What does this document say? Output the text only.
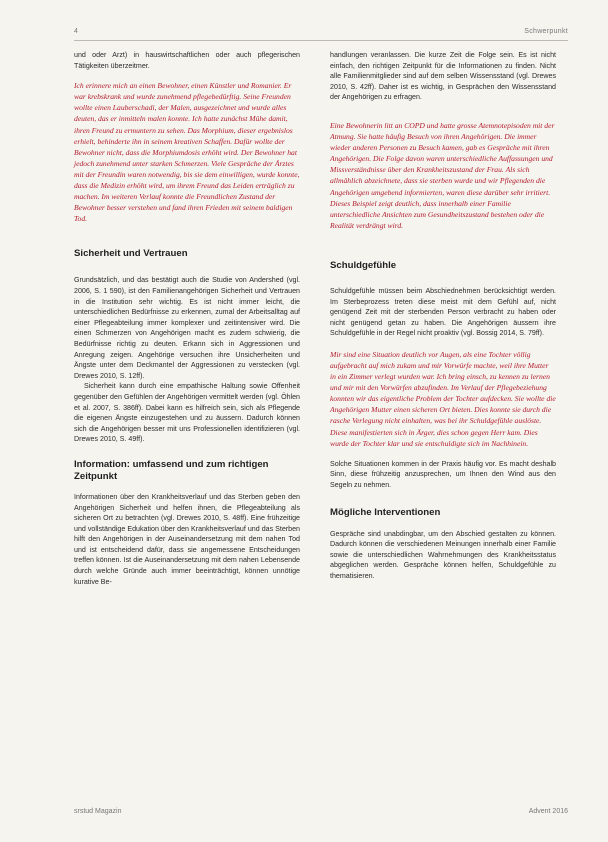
4	Schwerpunkt

und oder Arzt) in hauswirtschaftlichen oder auch pflegerischen Tätigkeiten überzeitmer.

Ich erinnere mich an einen Bewohner, einen Künstler und Romanier. Er war krebskrank und wurde zunehmend pflegebedürftig. Seine Freunden wollte einen Lauberschadi, der Malen, ausgezeichnet und wurde alles deuten, das er inmitteln malen konnte. Ich hatte zunächst Mühe damit, ihren Freund zu ermuntern zu sehen. Das Morphium, dieser ergebnislos erhielt, behinderte ihn in seinem kreativen Schaffen. Dafür wollte der Bewohner nicht, dass die Morphiumdosis erhöht wird. Der Bewohner hat jedoch zunehmend unter starken Schmerzen. Viele Gespräche der Ärztes mit der Freundin waren notwendig, bis sie dem einwilligen, wurde konnte, dass die Medizin erhöht wird, um ihrem Freund das Leiden erträglich zu machen. Im weiteren Verlauf konnte die Freundlichen Zustand der Bewohner besser verstehen und fand ihren Frieden mit seinem baldigen Tod.

Sicherheit und Vertrauen

Grundsätzlich, und das bestätigt auch die Studie von Andershed (vgl. 2006, S. 1 590), ist den Familienangehörigen Sicherheit und Vertrauen in die Institution sehr wichtig. Es ist nicht immer leicht, die unterschiedlichen Bedürfnisse zu erkennen, zumal der Arbeitsalltag auf einer Pflegeabteilung immer komplexer und zeitintensiver wird. Die einen Schmerzen von Angehörigen macht es zudem schwierig, die Bedürfnisse richtig zu deuten. Erkann sich in Aggressionen und Anregung zeigen. Angehörige versuchen ihre Unsicherheiten und Ängste unter dem Deckmantel der Aggressionen zu verstecken (vgl. Drewes 2010, S. 12ff).

Sicherheit kann durch eine empathische Haltung sowie Offenheit gegenüber den Gefühlen der Angehörigen vermittelt werden (vgl. Öhlen et al. 2007, S. 386ff). Dabei kann es hilfreich sein, sich als Pflegende die eigenen Ängste einzugestehen und zu äussern. Dadurch können sich die Angehörigen besser mit uns Professionellen identifizieren (vgl. Drewes 2010, S. 49ff).

Information: umfassend und zum richtigen Zeitpunkt

Informationen über den Krankheitsverlauf und das Sterben geben den Angehörigen Sicherheit und helfen ihnen, die Pflegeabteilung als sicheren Ort zu betrachten (vgl. Drewes 2010, S. 48ff). Eine frühzeitige und vollständige Edukation über den Krankheitsverlauf und das Sterben hilft den Angehörigen in der Auseinandersetzung mit dem nahen Tod und ist entscheidend dafür, dass sie angemessene Entscheidungen treffen können. Ist die Auseinandersetzung mit dem nahen Lebensende durch welche Gründe auch immer beeinträchtigt, können unnötige kurative Be-

handlungen veranlassen. Die kurze Zeit die Folge sein. Es ist nicht einfach, den richtigen Zeitpunkt für die Informationen zu finden. Nicht alle Familienmitglieder sind auf dem selben Wissensstand (vgl. Drewes 2010, S. 42ff). Daher ist es wichtig, in Gesprächen den Wissensstand der Angehörigen zu erfragen.

Eine Bewohnerin litt an COPD und hatte grosse Atemnotepisoden mit der Atmung. Sie hatte häufig Besuch von ihren Angehörigen. Die immer wieder anderen Personen zu Besuch kamen, gab es Gespräche mit ihren Angehörigen. Die Folge davon waren unterschiedliche Auffassungen und Missverständnisse über den Krankheitszustand der Frau. Als sich allmählich abzeichnete, dass sie sterben wurde und wir Pflegenden die Angehörigen umgebend informierten, waren diese darüber sehr irritiert. Dieses Beispiel zeigt deutlich, dass innerhalb einer Familie unterschiedliche Ansichten zum Gesundheitszustand bestehen oder die Realität verdrängt wird.

Schuldgefühle

Schuldgefühle müssen beim Abschiednehmen berücksichtigt werden. Im Sterbeprozess treten diese meist mit dem Gefühl auf, nicht genügend Zeit mit der sterbenden Person verbracht zu haben oder nicht genügend getan zu haben. Die Angehörigen äussern ihre Schuldgefühle in der Regel nicht proaktiv (vgl. Bossig 2014, S. 79ff).

Mir sind eine Situation deutlich vor Augen, als eine Tochter völlig aufgebracht auf mich zukam und mir Vorwürfe machte, weil ihre Mutter in ein Zimmer verlegt wurden war. Ich bring einsch, zu kennen zu lernen und mir mit den Vorwürfen abzufinden. Im Verlauf der Pflegebeziehung konnten wir das eigentliche Problem der Tochter aufdecken. Sie wollte die Angehörigen Mutter einen sicheren Ort bieten. Dies konnte sie durch die rasche Verlegung nicht einhalten, was bei ihr Schuldgefühle auslöste. Diese manifestierten sich in Ärger, dies schon gegen Herr kam. Dies wurde der Tochter klar und sie entschuldigte sich im Nachhinein.

Solche Situationen kommen in der Praxis häufig vor. Es macht deshalb Sinn, diese frühzeitig anzusprechen, um Ihnen den Wind aus den Segeln zu nehmen.

Mögliche Interventionen

Gespräche sind unabdingbar, um den Abschied gestalten zu können. Dadurch können die verschiedenen Meinungen innerhalb einer Familie sowie die unterschiedlichen Wahrnehmungen des Krankheitsstatus abgeglichen werden. Gespräche können helfen, Schuldgefühle zu thematisieren.

srstud Magazin	Advent 2016
